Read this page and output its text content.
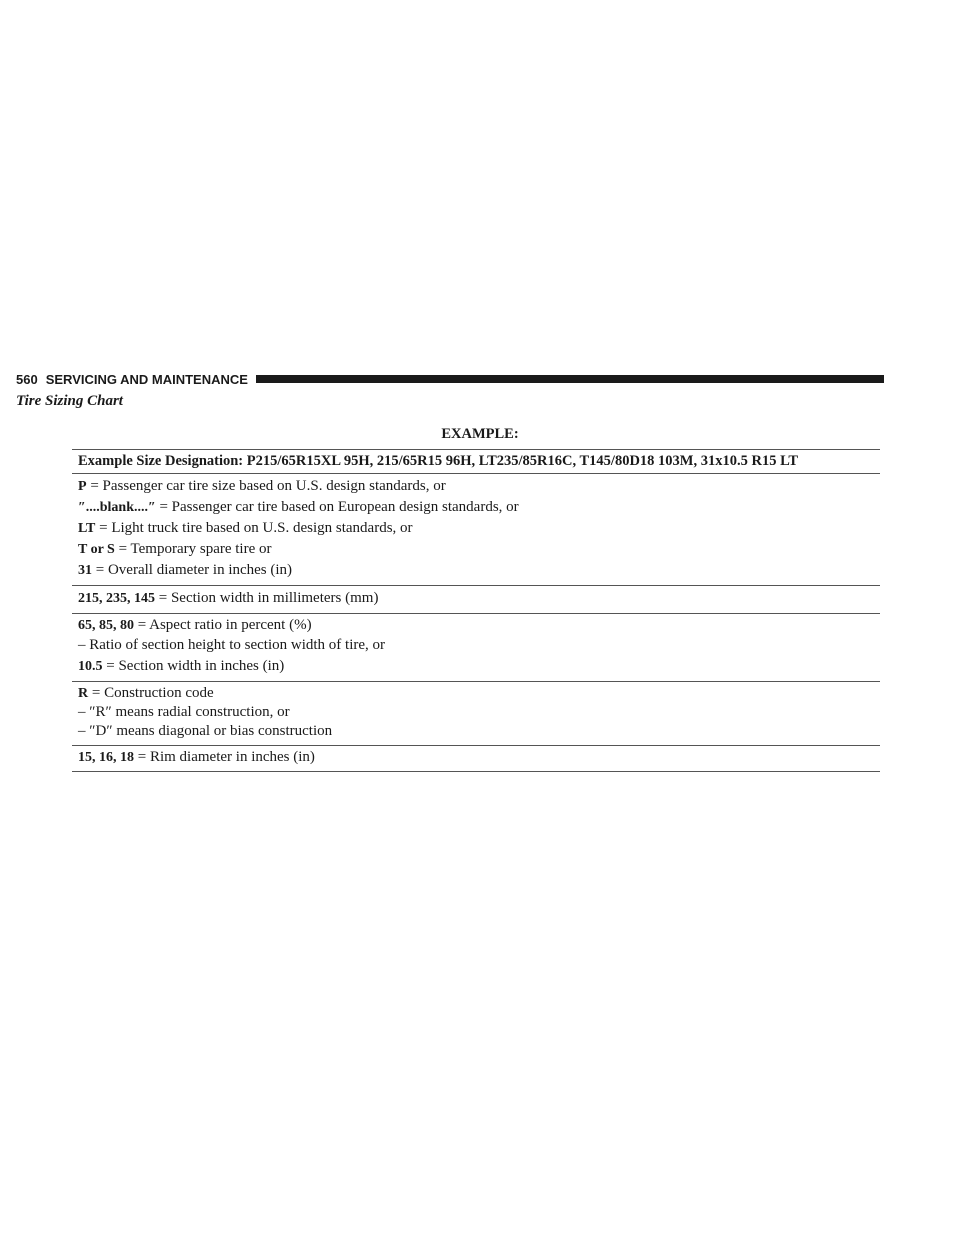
560 SERVICING AND MAINTENANCE
Tire Sizing Chart
EXAMPLE:
Example Size Designation: P215/65R15XL 95H, 215/65R15 96H, LT235/85R16C, T145/80D18 103M, 31x10.5 R15 LT
P = Passenger car tire size based on U.S. design standards, or
″....blank....″ = Passenger car tire based on European design standards, or
LT = Light truck tire based on U.S. design standards, or
T or S = Temporary spare tire or
31 = Overall diameter in inches (in)
215, 235, 145 = Section width in millimeters (mm)
65, 85, 80 = Aspect ratio in percent (%)
– Ratio of section height to section width of tire, or
10.5 = Section width in inches (in)
R = Construction code
– ″R″ means radial construction, or
– ″D″ means diagonal or bias construction
15, 16, 18 = Rim diameter in inches (in)
